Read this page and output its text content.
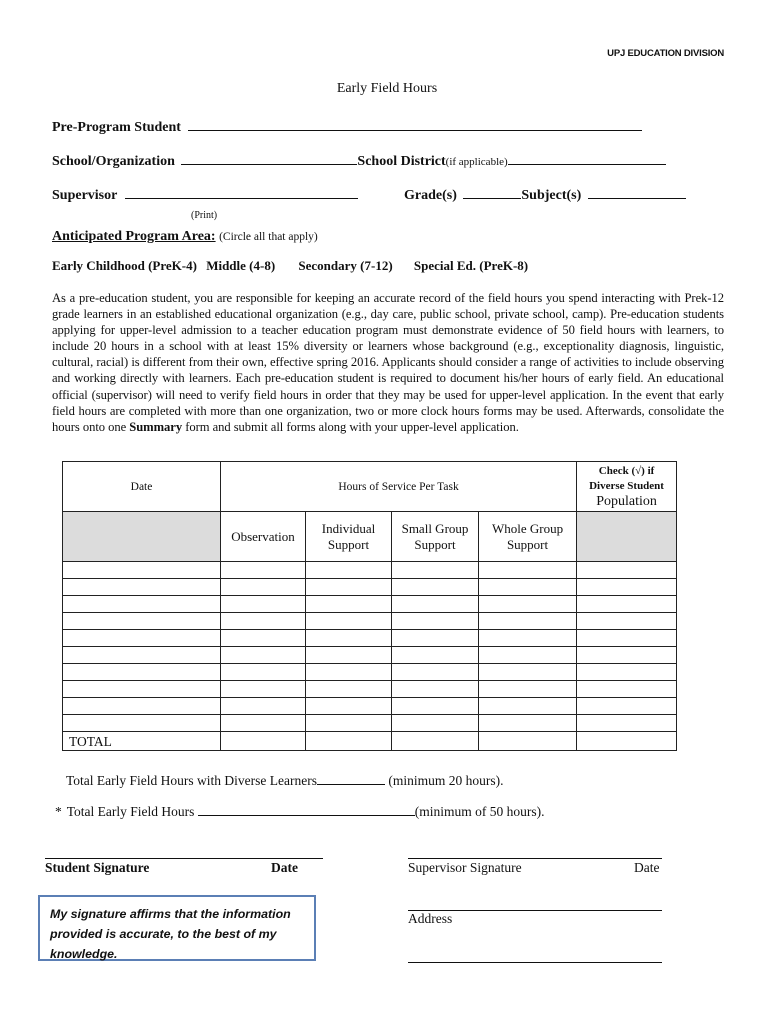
UPJ EDUCATION DIVISION
Early Field Hours
Pre-Program Student
School/Organization	School District(if applicable)
Supervisor	Grade(s)	Subject(s)
(Print)
Anticipated Program Area: (Circle all that apply)
Early Childhood (PreK-4) Middle (4-8) Secondary (7-12) Special Ed. (PreK-8)
As a pre-education student, you are responsible for keeping an accurate record of the field hours you spend interacting with Prek-12 grade learners in an established educational organization (e.g., day care, public school, private school, camp). Pre-education students applying for upper-level admission to a teacher education program must demonstrate evidence of 50 field hours with learners, to include 20 hours in a school with at least 15% diversity or learners whose background (e.g., exceptionality diagnosis, linguistic, cultural, racial) is different from their own, effective spring 2016. Applicants should consider a range of activities to include observing and working directly with learners. Each pre-education student is required to document his/her hours of early field. An educational official (supervisor) will need to verify field hours in order that they may be used for upper-level application. In the event that early field hours are completed with more than one organization, two or more clock hours forms may be used. Afterwards, consolidate the hours onto one Summary form and submit all forms along with your upper-level application.
Date	Hours of Service Per Task				Check (√) if
Diverse Student
Population

	Observation	Individual Support	Small Group Support	Whole Group Support	

TOTAL					
Total Early Field Hours with Diverse Learners	(minimum 20 hours).
* Total Early Field Hours	(minimum of 50 hours).
Student Signature	Date	Supervisor Signature	Date
Address
My signature affirms that the information provided is accurate, to the best of my knowledge.
